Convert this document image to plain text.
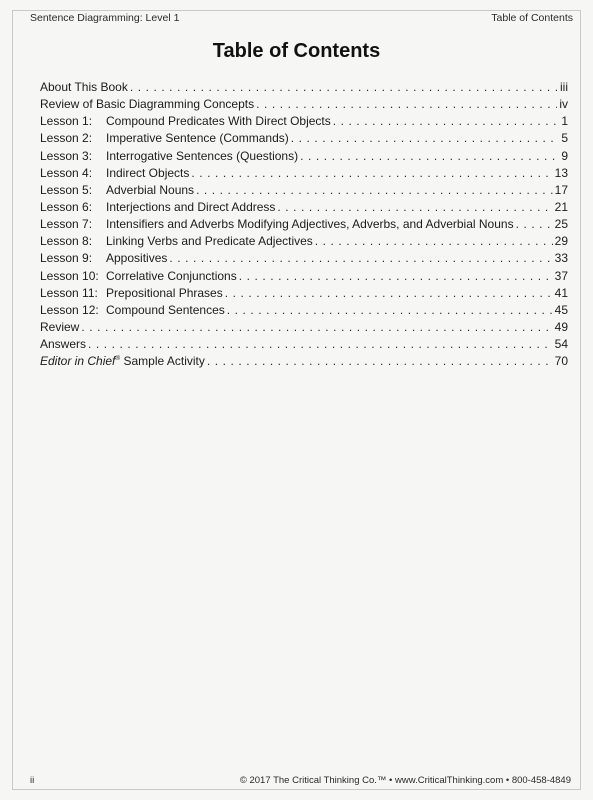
Sentence Diagramming: Level 1	Table of Contents
Table of Contents
About This Book . . .	iii
Review of Basic Diagramming Concepts . . .	iv
Lesson 1:	Compound Predicates With Direct Objects . . .	1
Lesson 2:	Imperative Sentence (Commands) . . .	5
Lesson 3:	Interrogative Sentences (Questions) . . .	9
Lesson 4:	Indirect Objects . . .	13
Lesson 5:	Adverbial Nouns . . .	17
Lesson 6:	Interjections and Direct Address . . .	21
Lesson 7:	Intensifiers and Adverbs Modifying Adjectives, Adverbs, and Adverbial Nouns . . .	25
Lesson 8:	Linking Verbs and Predicate Adjectives . . .	29
Lesson 9:	Appositives . . .	33
Lesson 10: Correlative Conjunctions . . .	37
Lesson 11: Prepositional Phrases . . .	41
Lesson 12: Compound Sentences . . .	45
Review . . .	49
Answers . . .	54
Editor in Chief® Sample Activity . . .	70
ii	© 2017 The Critical Thinking Co.™ • www.CriticalThinking.com • 800-458-4849
